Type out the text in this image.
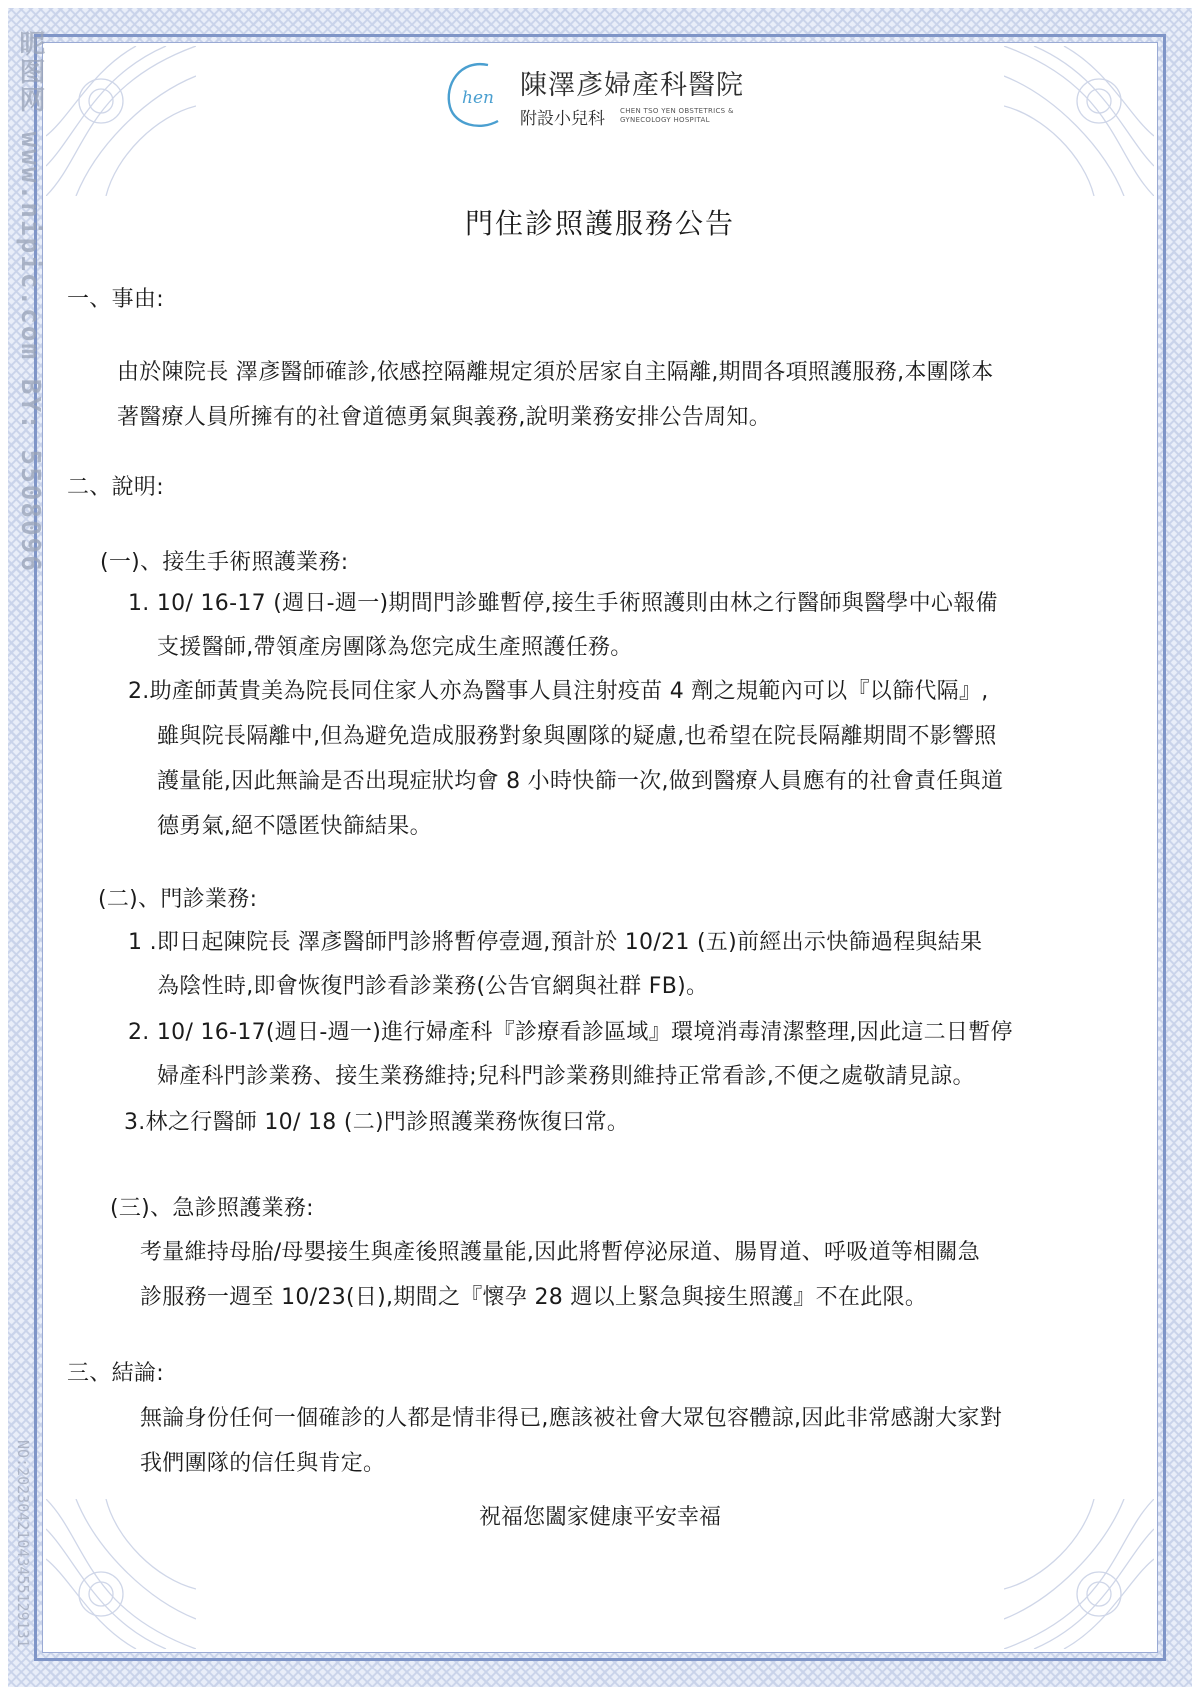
昵图网 www.nipic.com BY: 5508096
NO:20230421043455129131
hen 陳澤彥婦產科醫院
附設小兒科 CHEN TSO YEN OBSTETRICS &
GYNECOLOGY HOSPITAL
門住診照護服務公告
一、事由:
由於陳院長 澤彥醫師確診,依感控隔離規定須於居家自主隔離,期間各項照護服務,本團隊本
著醫療人員所擁有的社會道德勇氣與義務,說明業務安排公告周知。
二、說明:
(一)、接生手術照護業務:
1. 10/ 16-17 (週日-週一)期間門診雖暫停,接生手術照護則由林之行醫師與醫學中心報備
支援醫師,帶領產房團隊為您完成生產照護任務。
2.助產師黃貴美為院長同住家人亦為醫事人員注射疫苗 4 劑之規範內可以『以篩代隔』,
雖與院長隔離中,但為避免造成服務對象與團隊的疑慮,也希望在院長隔離期間不影響照
護量能,因此無論是否出現症狀均會 8 小時快篩一次,做到醫療人員應有的社會責任與道
德勇氣,絕不隱匿快篩結果。
(二)、門診業務:
1 .即日起陳院長 澤彥醫師門診將暫停壹週,預計於 10/21 (五)前經出示快篩過程與結果
為陰性時,即會恢復門診看診業務(公告官網與社群 FB)。
2. 10/ 16-17(週日-週一)進行婦產科『診療看診區域』環境消毒清潔整理,因此這二日暫停
婦產科門診業務、接生業務維持;兒科門診業務則維持正常看診,不便之處敬請見諒。
3.林之行醫師 10/ 18 (二)門診照護業務恢復曰常。
(三)、急診照護業務:
考量維持母胎/母嬰接生與產後照護量能,因此將暫停泌尿道、腸胃道、呼吸道等相關急
診服務一週至 10/23(日),期間之『懷孕 28 週以上緊急與接生照護』不在此限。
三、結論:
無論身份任何一個確診的人都是情非得已,應該被社會大眾包容體諒,因此非常感謝大家對
我們團隊的信任與肯定。
祝福您闔家健康平安幸福
